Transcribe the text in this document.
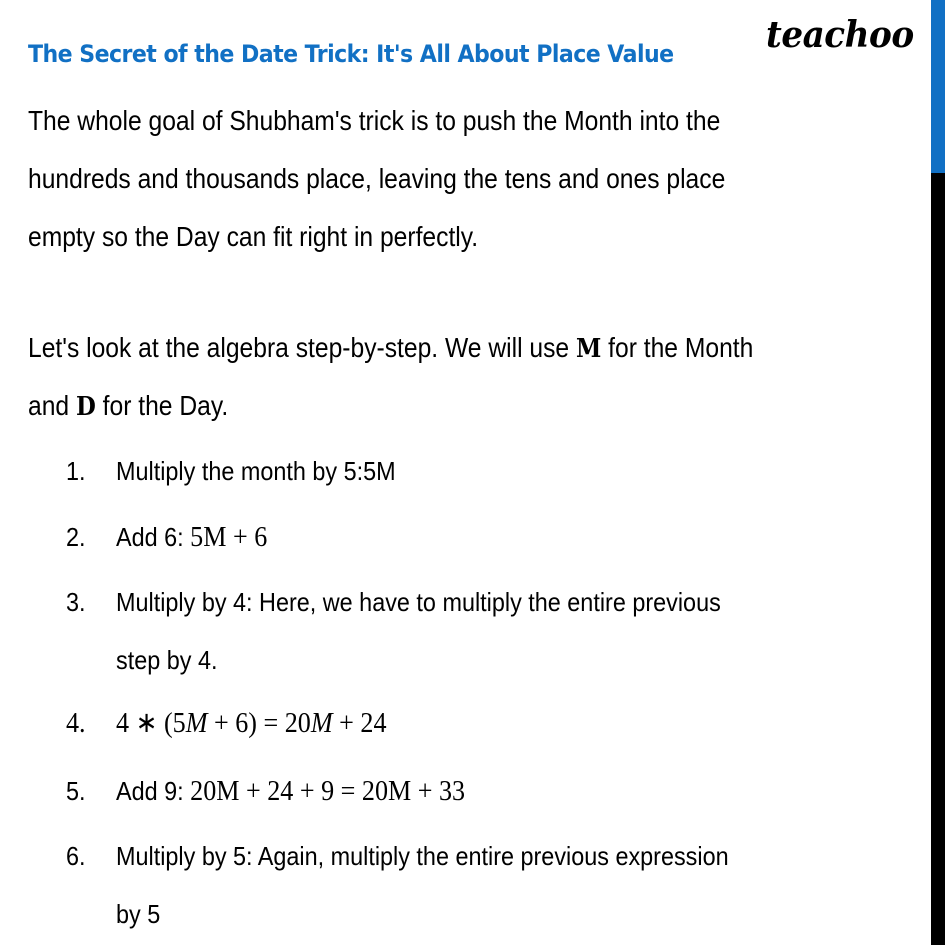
The Secret of the Date Trick: It's All About Place Value	teachoo
The whole goal of Shubham's trick is to push the Month into the
hundreds and thousands place, leaving the tens and ones place
empty so the Day can fit right in perfectly.
Let's look at the algebra step-by-step. We will use M for the Month
and D for the Day.
1. Multiply the month by 5:5M
2. Add 6: 5M + 6
3. Multiply by 4: Here, we have to multiply the entire previous
step by 4.
4. 4 ∗ (5M + 6) = 20M + 24
5. Add 9: 20M + 24 + 9 = 20M + 33
6. Multiply by 5: Again, multiply the entire previous expression
by 5
